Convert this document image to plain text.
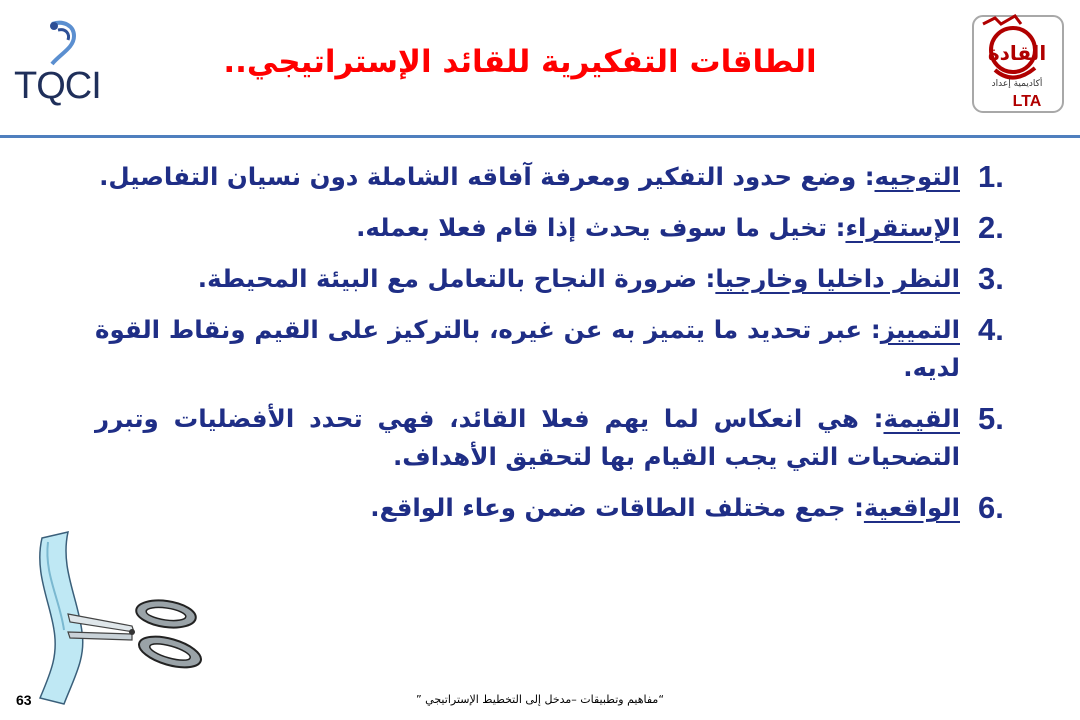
TQCI
القادة
أكاديمية إعداد
LTA
الطاقات التفكيرية للقائد الإستراتيجي..
1.
التوجيه: وضع حدود التفكير ومعرفة آفاقه الشاملة دون نسيان التفاصيل.
2.
الإستقراء: تخيل ما سوف يحدث إذا قام فعلا بعمله.
3.
النظر داخليا وخارجيا: ضرورة النجاح بالتعامل مع البيئة المحيطة.
4.
التمييز: عبر تحديد ما يتميز به عن غيره، بالتركيز على القيم ونقاط القوة لديه.
5.
القيمة: هي انعكاس لما يهم فعلا القائد، فهي تحدد الأفضليات وتبرر التضحيات التي يجب القيام بها لتحقيق الأهداف.
6.
الواقعية: جمع مختلف الطاقات ضمن وعاء الواقع.
63	“مفاهيم وتطبيقات –مدخل إلى التخطيط الإستراتيجي ”
